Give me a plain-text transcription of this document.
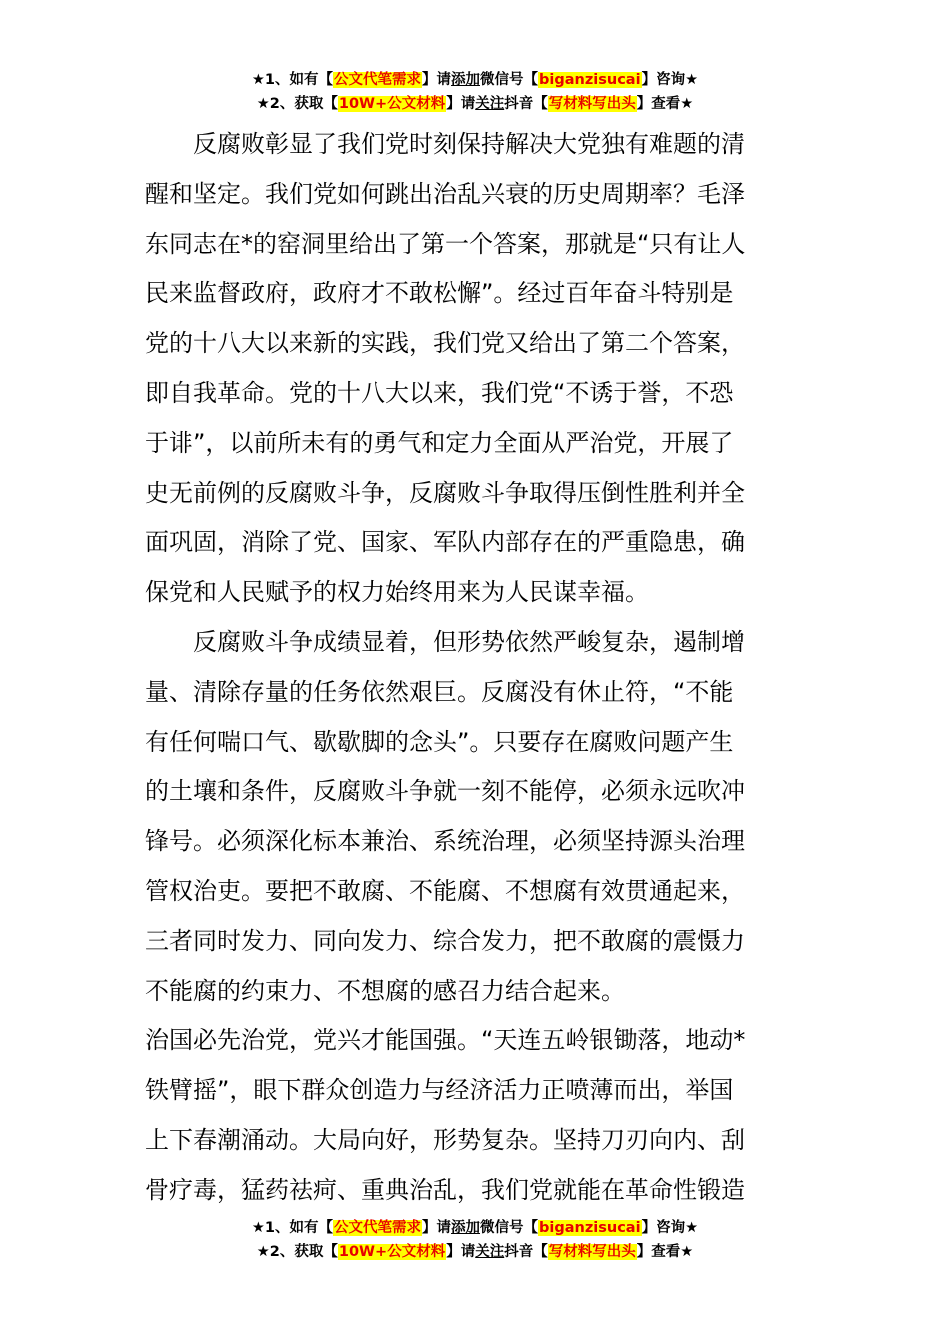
★1、如有【公文代笔需求】请添加微信号【biganzisucai】咨询★
★2、获取【10W+公文材料】请关注抖音【写材料写出头】查看★
　　反腐败彰显了我们党时刻保持解决大党独有难题的清
醒和坚定。我们党如何跳出治乱兴衰的历史周期率？毛泽
东同志在*的窑洞里给出了第一个答案，那就是“只有让人
民来监督政府，政府才不敢松懈”。经过百年奋斗特别是
党的十八大以来新的实践，我们党又给出了第二个答案，
即自我革命。党的十八大以来，我们党“不诱于誉，不恐
于诽”，以前所未有的勇气和定力全面从严治党，开展了
史无前例的反腐败斗争，反腐败斗争取得压倒性胜利并全
面巩固，消除了党、国家、军队内部存在的严重隐患，确
保党和人民赋予的权力始终用来为人民谋幸福。
　　反腐败斗争成绩显着，但形势依然严峻复杂，遏制增
量、清除存量的任务依然艰巨。反腐没有休止符，“不能
有任何喘口气、歇歇脚的念头”。只要存在腐败问题产生
的土壤和条件，反腐败斗争就一刻不能停，必须永远吹冲
锋号。必须深化标本兼治、系统治理，必须坚持源头治理
管权治吏。要把不敢腐、不能腐、不想腐有效贯通起来，
三者同时发力、同向发力、综合发力，把不敢腐的震慑力
不能腐的约束力、不想腐的感召力结合起来。
治国必先治党，党兴才能国强。“天连五岭银锄落，地动*
铁臂摇”，眼下群众创造力与经济活力正喷薄而出，举国
上下春潮涌动。大局向好，形势复杂。坚持刀刃向内、刮
骨疗毒，猛药祛疴、重典治乱，我们党就能在革命性锻造
★1、如有【公文代笔需求】请添加微信号【biganzisucai】咨询★
★2、获取【10W+公文材料】请关注抖音【写材料写出头】查看★
